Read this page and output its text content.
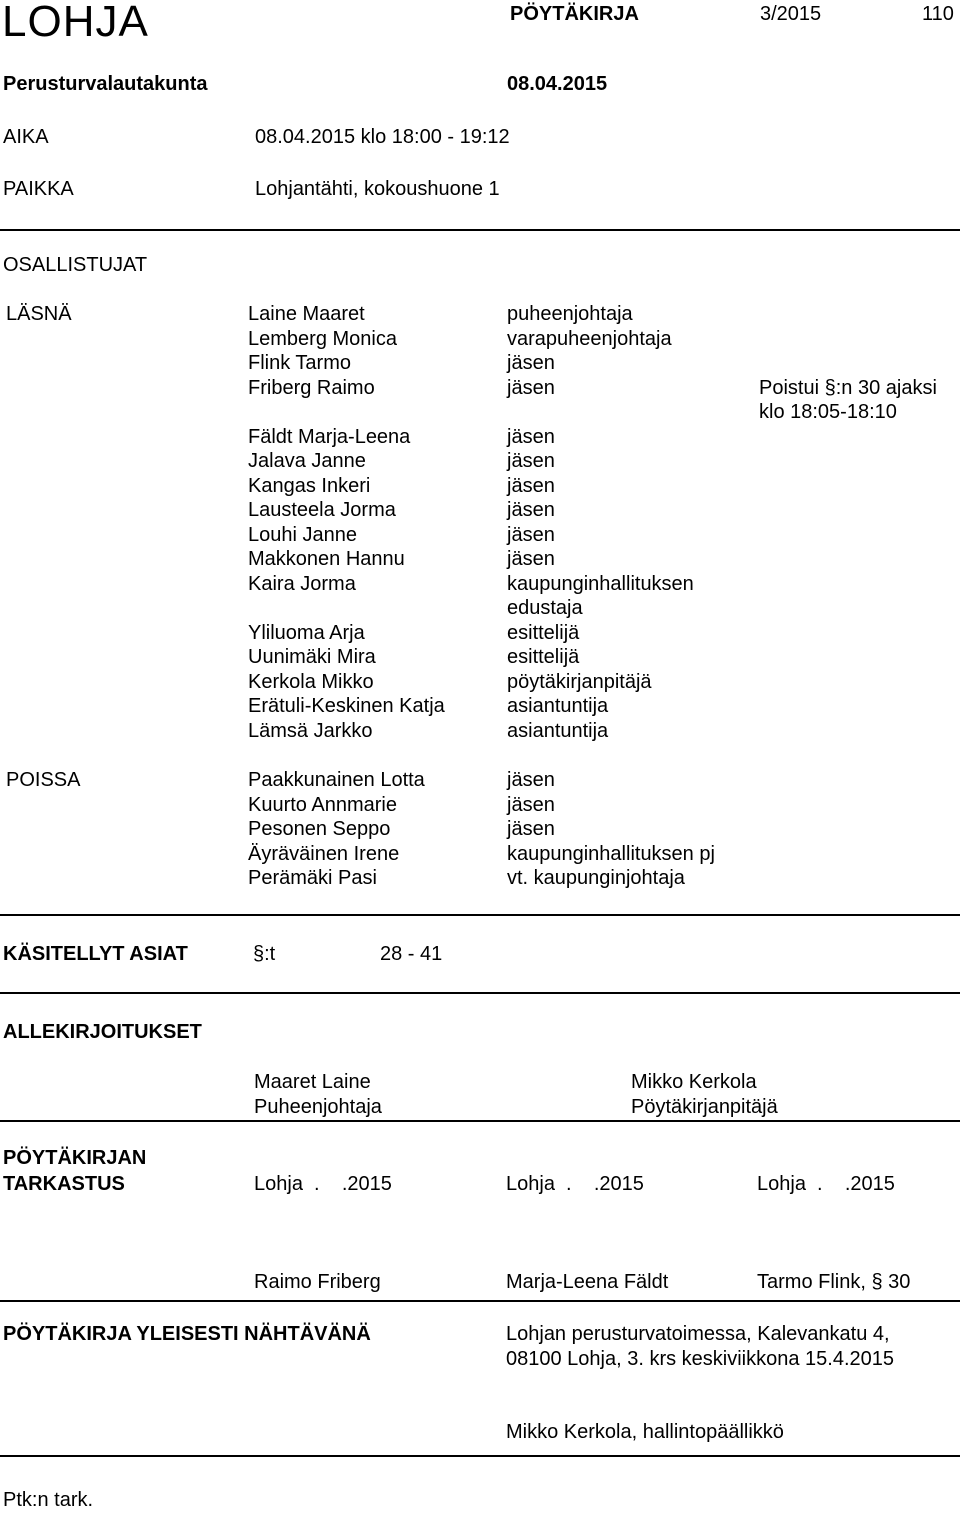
LOHJA	PÖYTÄKIRJA	3/2015	110
Perusturvalautakunta	08.04.2015
AIKA	08.04.2015 klo 18:00 - 19:12
PAIKKA	Lohjantähti, kokoushuone 1
OSALLISTUJAT
LÄSNÄ	Laine Maaret	puheenjohtaja
Lemberg Monica	varapuheenjohtaja
Flink Tarmo	jäsen
Friberg Raimo	jäsen	Poistui §:n 30 ajaksi
klo 18:05-18:10
Fäldt Marja-Leena	jäsen
Jalava Janne	jäsen
Kangas Inkeri	jäsen
Lausteela Jorma	jäsen
Louhi Janne	jäsen
Makkonen Hannu	jäsen
Kaira Jorma	kaupunginhallituksen
edustaja
Yliluoma Arja	esittelijä
Uunimäki Mira	esittelijä
Kerkola Mikko	pöytäkirjanpitäjä
Erätuli-Keskinen Katja	asiantuntija
Lämsä Jarkko	asiantuntija
POISSA	Paakkunainen Lotta	jäsen
Kuurto Annmarie	jäsen
Pesonen Seppo	jäsen
Äyräväinen Irene	kaupunginhallituksen pj
Perämäki Pasi	vt. kaupunginjohtaja
KÄSITELLYT ASIAT	§:t	28 - 41
ALLEKIRJOITUKSET
Maaret Laine
Puheenjohtaja
Mikko Kerkola
Pöytäkirjanpitäjä
PÖYTÄKIRJAN
TARKASTUS	Lohja  .    .2015	Lohja  .    .2015	Lohja  .    .2015
Raimo Friberg	Marja-Leena Fäldt	Tarmo Flink, § 30
PÖYTÄKIRJA YLEISESTI NÄHTÄVÄNÄ	Lohjan perusturvatoimessa, Kalevankatu 4,
08100 Lohja, 3. krs keskiviikkona 15.4.2015
Mikko Kerkola, hallintopäällikkö
Ptk:n tark.
